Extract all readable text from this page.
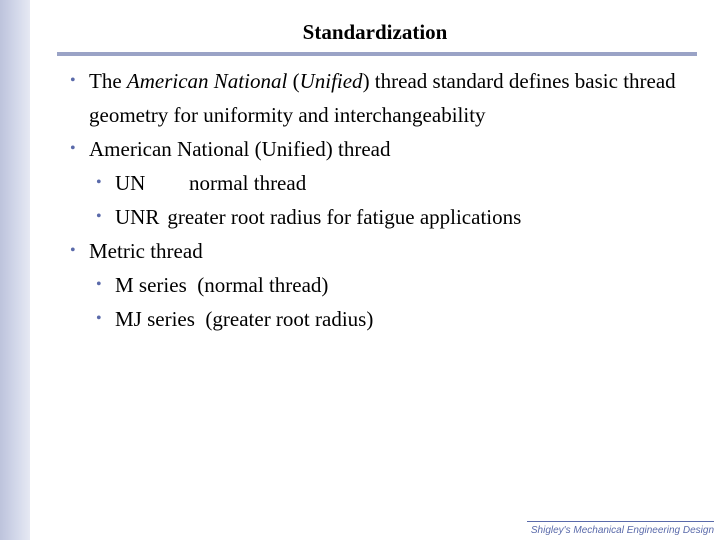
Standardization
•
The American National (Unified) thread standard defines basic thread geometry for uniformity and interchangeability
•
American National (Unified) thread
•
UN normal thread
•
UNR greater root radius for fatigue applications
•
Metric thread
•
M series  (normal thread)
•
MJ series  (greater root radius)
Shigley's Mechanical Engineering Design
